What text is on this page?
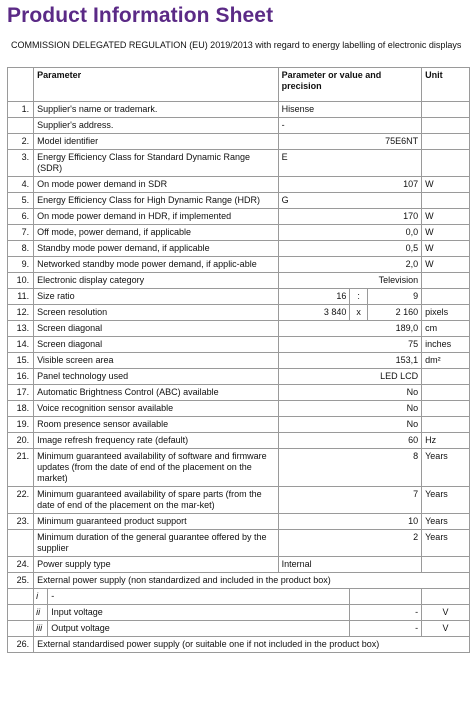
Product Information Sheet
COMMISSION DELEGATED REGULATION (EU) 2019/2013 with regard to energy labelling of electronic displays
	Parameter		Parameter or value and precision			Unit
1.	Supplier's name or trademark.		Hisense			
	Supplier's address.		-			
2.	Model identifier		75E6NT			
3.	Energy Efficiency Class for Standard Dynamic Range (SDR)		E			
4.	On mode power demand in SDR		107			W
5.	Energy Efficiency Class for High Dynamic Range (HDR)		G			
6.	On mode power demand in HDR, if implemented		170			W
7.	Off mode, power demand, if applicable		0,0			W
8.	Standby mode power demand, if applicable		0,5			W
9.	Networked standby mode power demand, if applic-able		2,0			W
10.	Electronic display category		Television			
11.	Size ratio		16	:	9	
12.	Screen resolution		3 840	x	2 160	pixels
13.	Screen diagonal		189,0			cm
14.	Screen diagonal		75			inches
15.	Visible screen area		153,1			dm²
16.	Panel technology used		LED LCD			
17.	Automatic Brightness Control (ABC) available		No			
18.	Voice recognition sensor available		No			
19.	Room presence sensor available		No			
20.	Image refresh frequency rate (default)		60			Hz
21.	Minimum guaranteed availability of software and firmware updates (from the date of end of the placement on the market)		8			Years
22.	Minimum guaranteed availability of spare parts (from the date of end of the placement on the mar-ket)		7			Years
23.	Minimum guaranteed product support		10			Years
	Minimum duration of the general guarantee offered by the supplier		2			Years
24.	Power supply type		Internal			
25.	External power supply (non standardized and included in the product box)					
	i	-				
	ii	Input voltage		-		V
	iii	Output voltage		-		V
26.	External standardised power supply (or suitable one if not included in the product box)					
